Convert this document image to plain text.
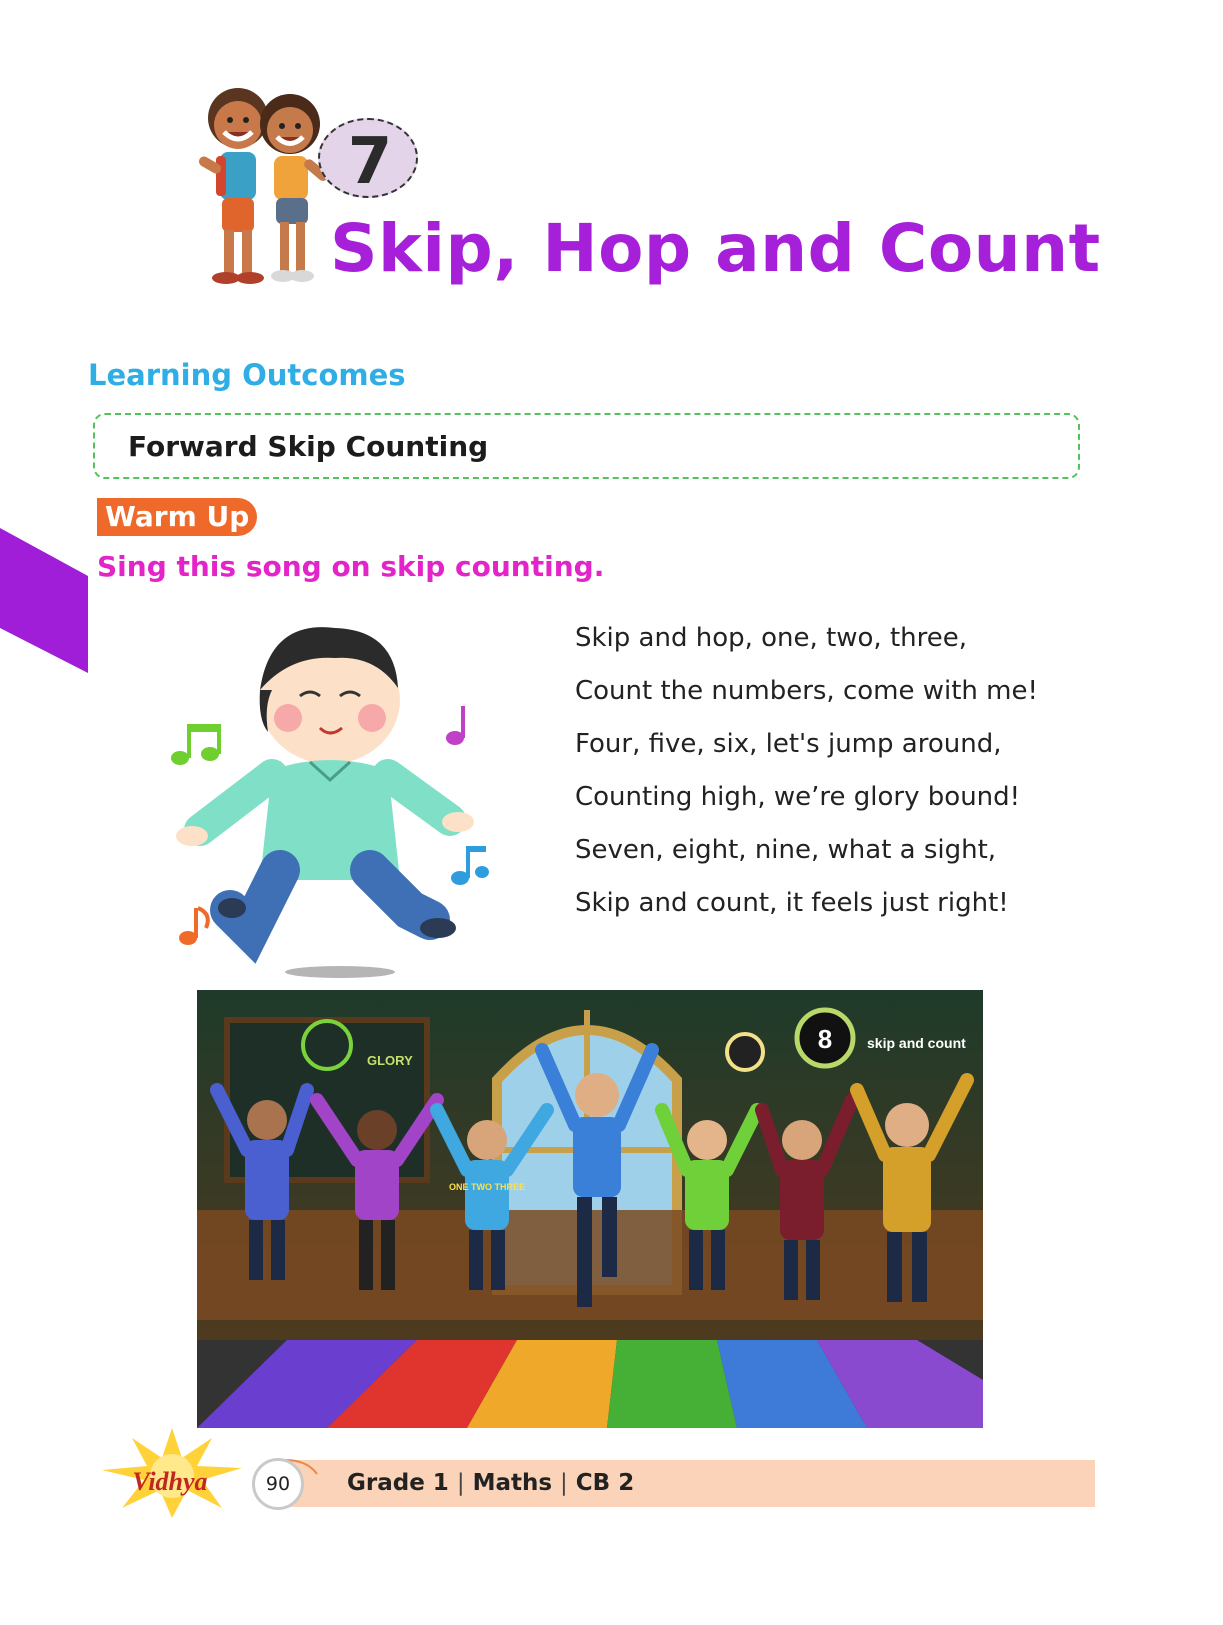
7
Skip, Hop and Count
Learning Outcomes
Forward Skip Counting
Warm Up
Sing this song on skip counting.
Skip and hop, one, two, three,
Count the numbers, come with me!
Four, five, six, let's jump around,
Counting high, we’re glory bound!
Seven, eight, nine, what a sight,
Skip and count, it feels just right!
GLORY
8 skip and count
ONE TWO THREE
Vidhya	90	Grade 1 | Maths | CB 2
